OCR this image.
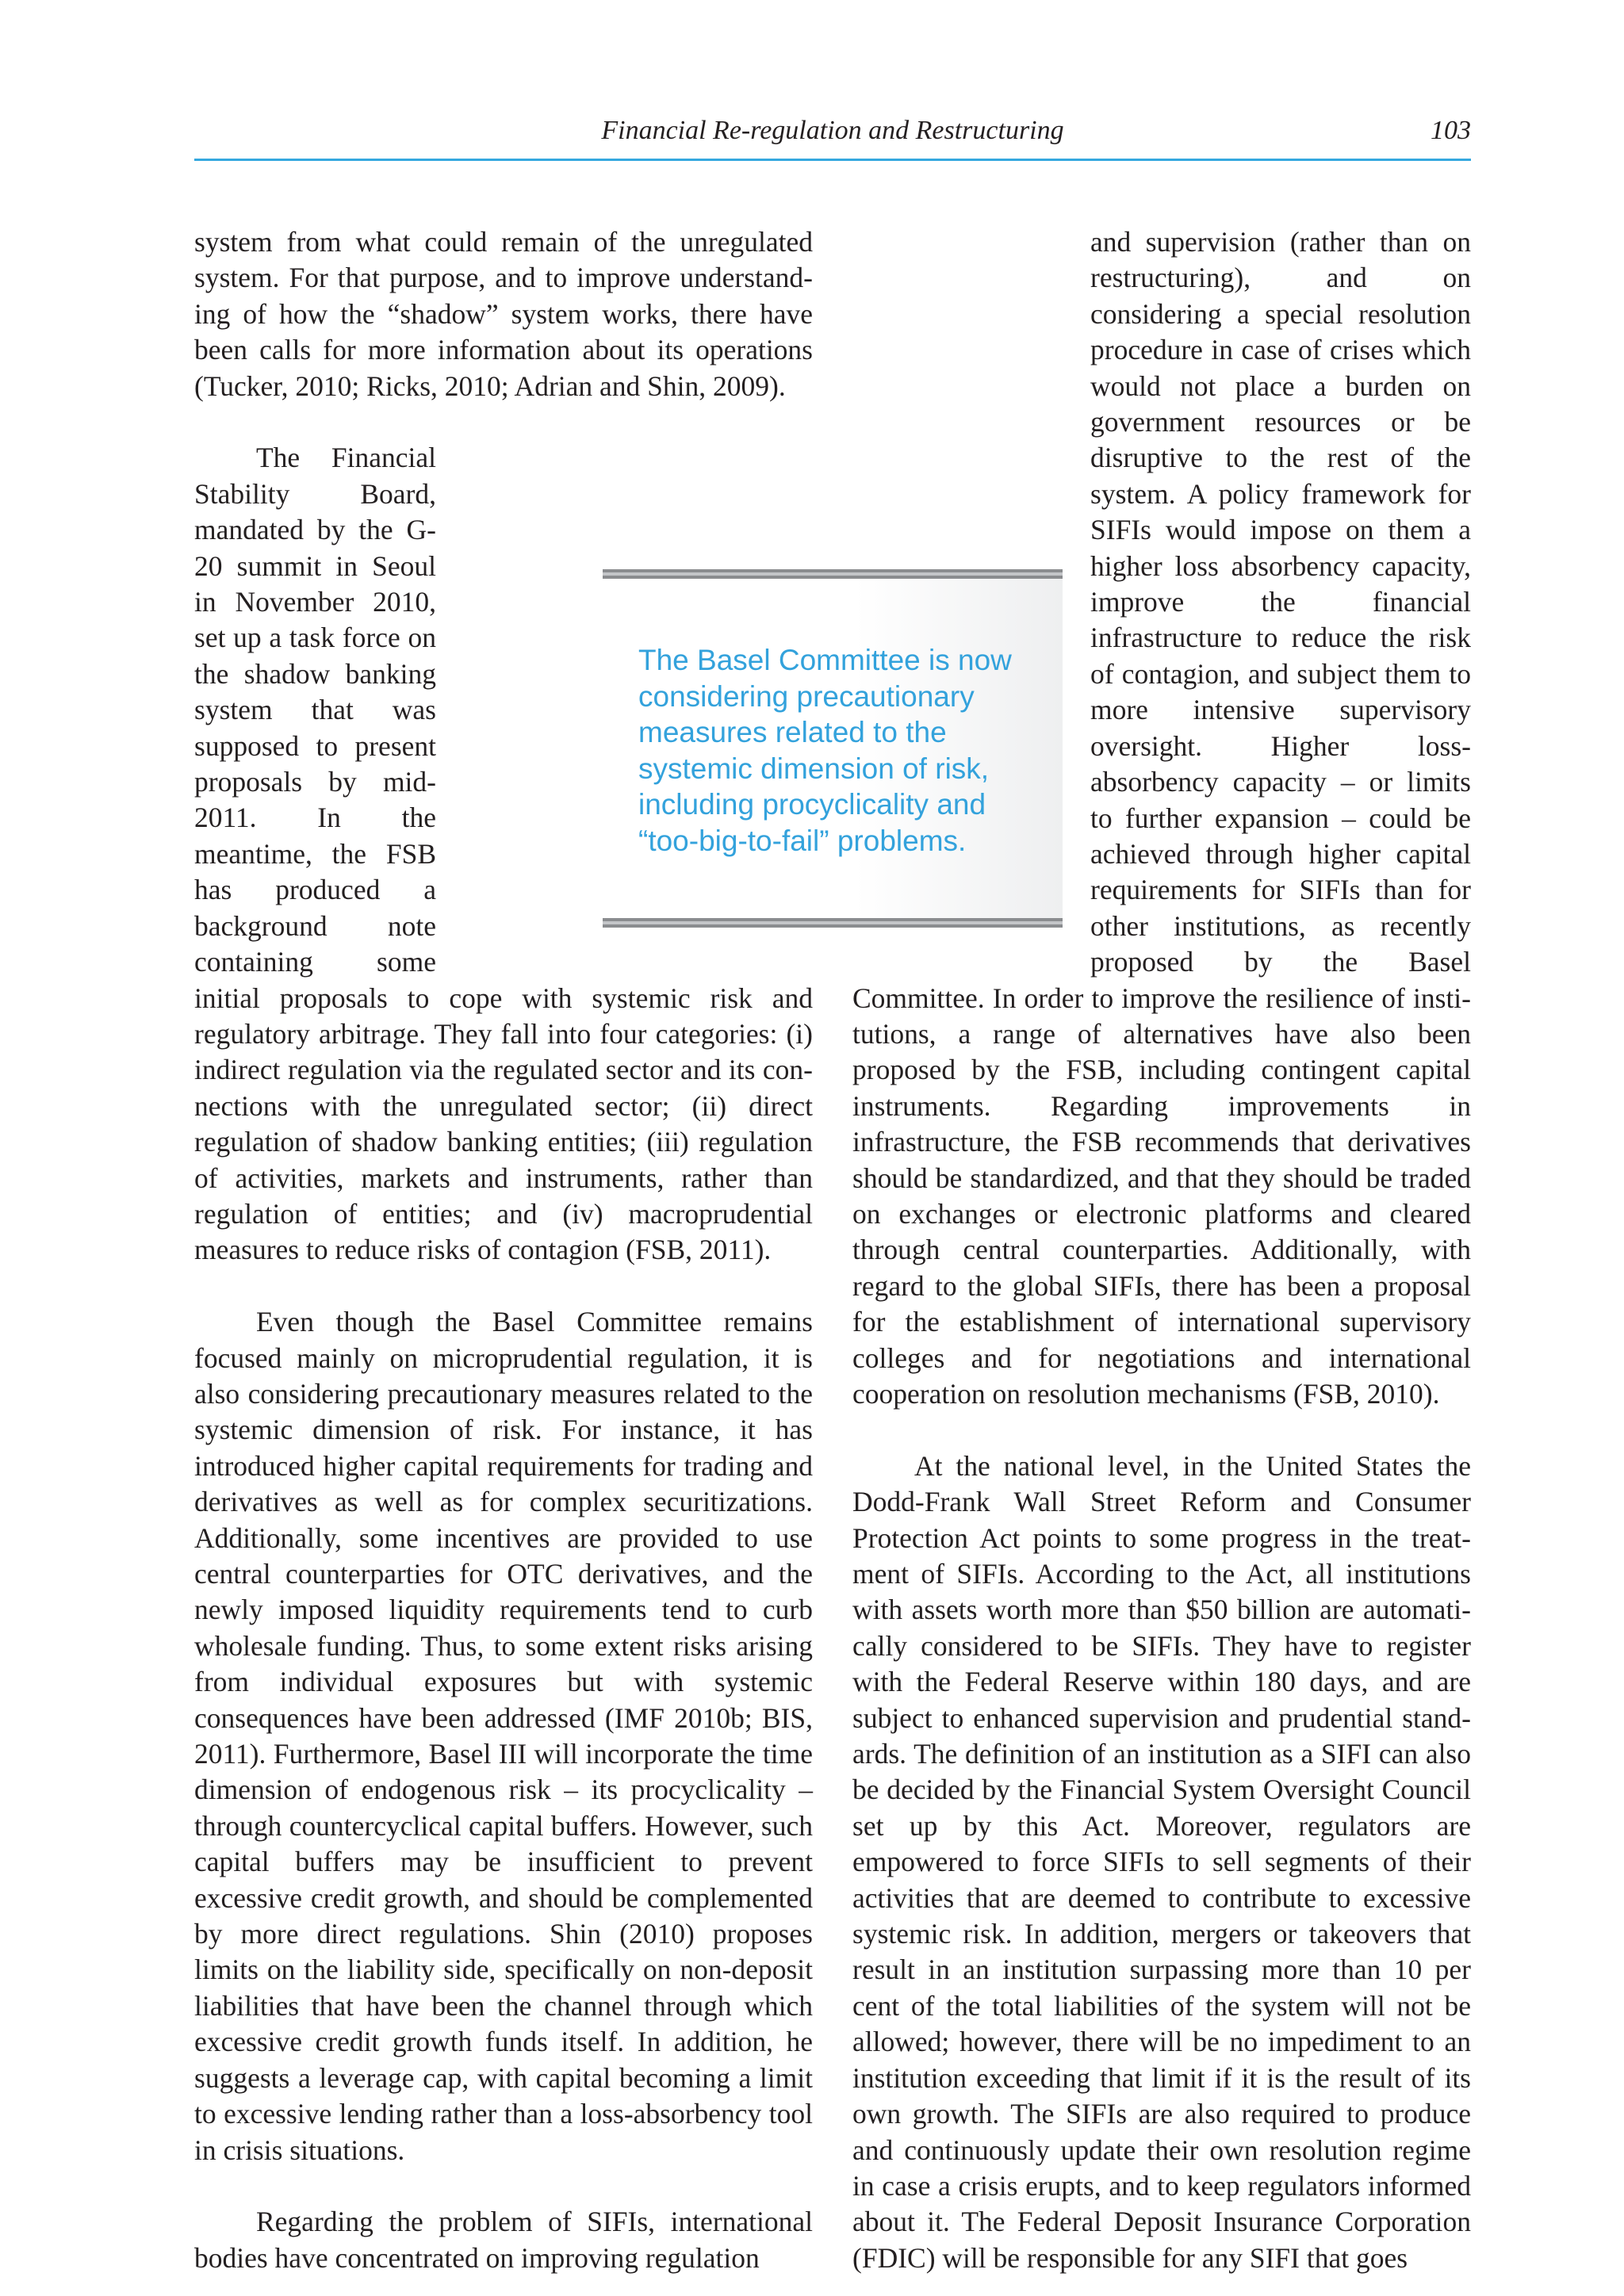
Financial Re-regulation and Restructuring	103

system from what could remain of the unregulated system. For that purpose, and to improve understanding of how the “shadow” system works, there have been calls for more information about its operations (Tucker, 2010; Ricks, 2010; Adrian and Shin, 2009).

The Financial Stability Board, mandated by the G-20 summit in Seoul in November 2010, set up a task force on the shadow banking system that was supposed to present proposals by mid-2011. In the meantime, the FSB has produced a background note containing some initial proposals to cope with systemic risk and regulatory arbitrage. They fall into four categories: (i) indirect regulation via the regulated sector and its connections with the unregulated sector; (ii) direct regulation of shadow banking entities; (iii) regulation of activities, markets and instruments, rather than regulation of entities; and (iv) macroprudential measures to reduce risks of contagion (FSB, 2011).

Even though the Basel Committee remains focused mainly on microprudential regulation, it is also considering precautionary measures related to the systemic dimension of risk. For instance, it has introduced higher capital requirements for trading and derivatives as well as for complex securitizations. Additionally, some incentives are provided to use central counterparties for OTC derivatives, and the newly imposed liquidity requirements tend to curb wholesale funding. Thus, to some extent risks arising from individual exposures but with systemic consequences have been addressed (IMF 2010b; BIS, 2011). Furthermore, Basel III will incorporate the time dimension of endogenous risk – its procyclicality – through countercyclical capital buffers. However, such capital buffers may be insufficient to prevent excessive credit growth, and should be complemented by more direct regulations. Shin (2010) proposes limits on the liability side, specifically on non-deposit liabilities that have been the channel through which excessive credit growth funds itself. In addition, he suggests a leverage cap, with capital becoming a limit to excessive lending rather than a loss-absorbency tool in crisis situations.

Regarding the problem of SIFIs, international bodies have concentrated on improving regulation

and supervision (rather than on restructuring), and on considering a special resolution procedure in case of crises which would not place a burden on government resources or be disruptive to the rest of the system. A policy framework for SIFIs would impose on them a higher loss absorbency capacity, improve the financial infrastructure to reduce the risk of contagion, and subject them to more intensive supervisory oversight. Higher loss-absorbency capacity – or limits to further expansion – could be achieved through higher capital requirements for SIFIs than for other institutions, as recently proposed by the Basel Committee. In order to improve the resilience of institutions, a range of alternatives have also been proposed by the FSB, including contingent capital instruments. Regarding improvements in infrastructure, the FSB recommends that derivatives should be standardized, and that they should be traded on exchanges or electronic platforms and cleared through central counterparties. Additionally, with regard to the global SIFIs, there has been a proposal for the establishment of international supervisory colleges and for negotiations and international cooperation on resolution mechanisms (FSB, 2010).

At the national level, in the United States the Dodd-Frank Wall Street Reform and Consumer Protection Act points to some progress in the treatment of SIFIs. According to the Act, all institutions with assets worth more than $50 billion are automatically considered to be SIFIs. They have to register with the Federal Reserve within 180 days, and are subject to enhanced supervision and prudential standards. The definition of an institution as a SIFI can also be decided by the Financial System Oversight Council set up by this Act. Moreover, regulators are empowered to force SIFIs to sell segments of their activities that are deemed to contribute to excessive systemic risk. In addition, mergers or takeovers that result in an institution surpassing more than 10 per cent of the total liabilities of the system will not be allowed; however, there will be no impediment to an institution exceeding that limit if it is the result of its own growth. The SIFIs are also required to produce and continuously update their own resolution regime in case a crisis erupts, and to keep regulators informed about it. The Federal Deposit Insurance Corporation (FDIC) will be responsible for any SIFI that goes

The Basel Committee is now considering precautionary measures related to the systemic dimension of risk, including procyclicality and “too-big-to-fail” problems.
